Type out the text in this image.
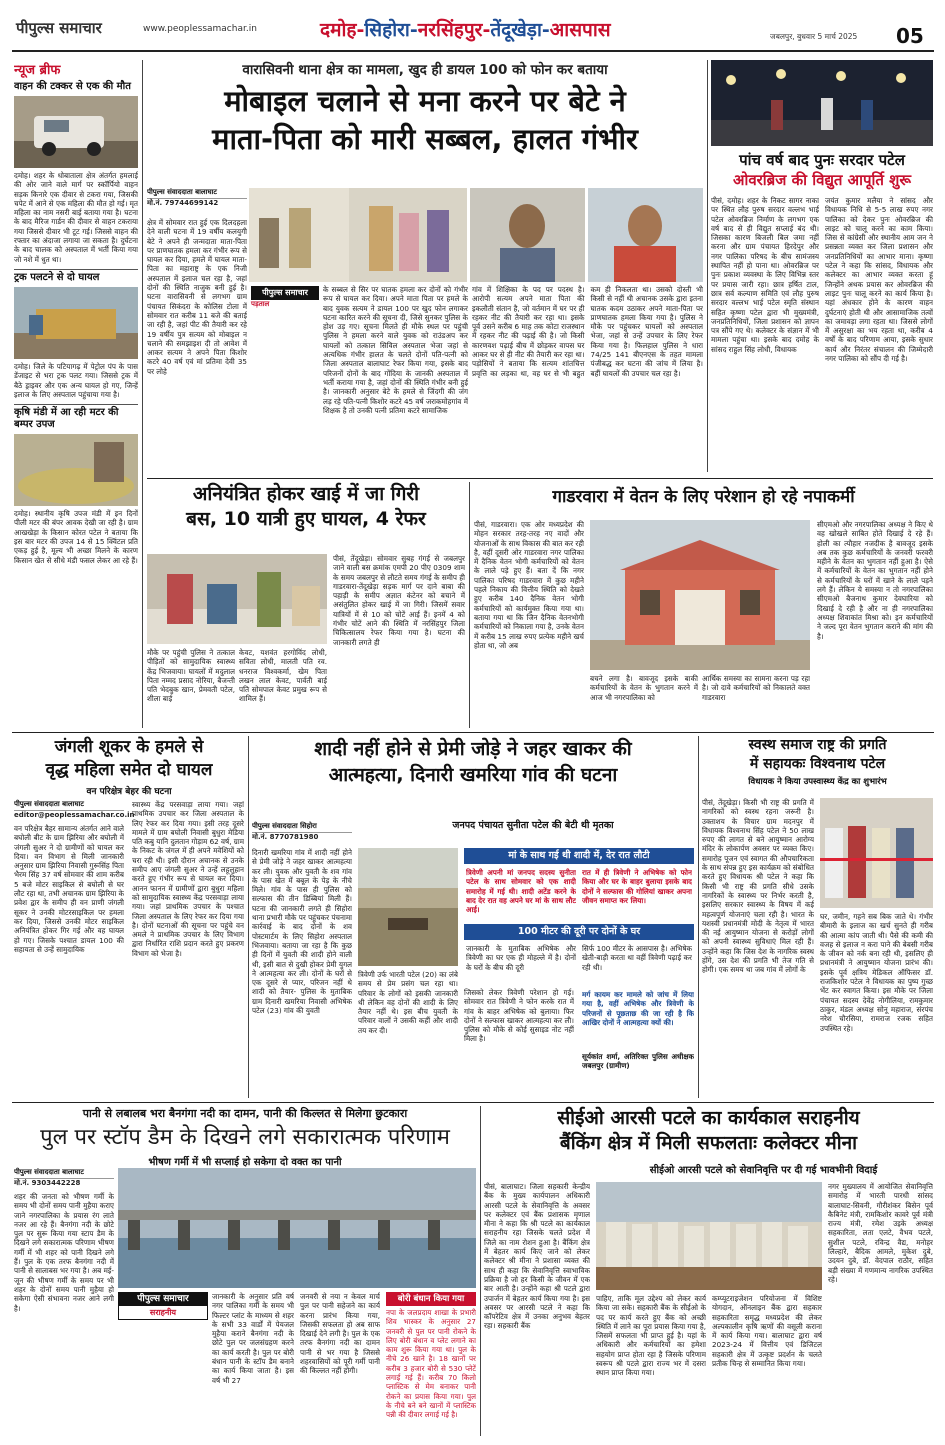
पीपुल्स समाचार	www.peoplessamachar.in	दमोह-सिहोरा-नरसिंहपुर-तेंदूखेड़ा-आसपास	जबलपुर, बुधवार 5 मार्च 2025 05
न्यूज ब्रीफ
वाहन की टक्कर से एक की मौत
दमोह। शहर के धोबाताला क्षेत्र अंतर्गत हमलाई की ओर जाने वाले मार्ग पर स्कॉर्पियो वाहन सड़क किनारे एक दीवार से टकरा गया, जिसकी चपेट में आने से एक महिला की मौत हो गई। मृत महिला का नाम नसरी बाई बताया गया है। घटना के बाद मैरिज गार्डन की दीवार से वाहन टकराया गया जिससे दीवार भी टूट गई। जिससे वाहन की रफ्तार का अंदाजा लगाया जा सकता है। दुर्घटना के बाद चालक को अस्पताल में भर्ती किया गया जो नशे में धुत था।
ट्रक पलटने से दो घायल
दमोह। जिले के पटियागढ़ में पेट्रोल पंप के पास डेंजाइट से भरा ट्रक पलट गया। जिससे ट्रक में बैठे ड्राइवर और एक अन्य घायल हो गए, जिन्हें इलाज के लिए अस्पताल पहुंचाया गया है।
कृषि मंडी में आ रही मटर की बम्पर उपज
दमोह। स्थानीय कृषि उपज मंडी में इन दिनों पीली मटर की बंपर आवक देखी जा रही है। ग्राम आखखेड़ा के किसान कोरत पटेल ने बताया कि इस बार मटर की उपज 14 से 15 क्विंटल प्रति एकड़ हुई है, मूल्य भी अच्छा मिलने के कारण किसान खेत से सीधे मंडी फसल लेकर आ रहे हैं।
वारासिवनी थाना क्षेत्र का मामला, खुद ही डायल 100 को फोन कर बताया
मोबाइल चलाने से मना करने पर बेटे ने
माता-पिता को मारी सब्बल, हालत गंभीर
पीपुल्स संवाददाता बालाघाट
मो.नं. 79744699142
क्षेत्र में सोमवार रात हुई एक दिलदहला देने वाली घटना में 19 वर्षीय कलयुगी बेटे ने अपने ही जन्मदाता माता-पिता पर प्राणघातक हमला कर गंभीर रूप से घायल कर दिया, हमले में घायल माता-पिता का महाराष्ट्र के एक निजी अस्पताल में इलाज चल रहा है, जहां दोनों की स्थिति नाजुक बनी हुई है। घटना वारासिवनी से लगभग ग्राम पंचायत सिकंदरा के कोलिस टोला में सोमवार रात करीब 11 बजे की बताई जा रही है, जहां पीट की तैयारी कर रहे 19 वर्षीय पुत्र सत्यम को मोबाइल न चलाने की समझाइश दी तो आवेश में आकर सत्यम ने अपने पिता किशोर कटरे 40 वर्ष एवं मां प्रतिमा देवी 35 पर लोहे
पीपुल्स समाचार
पड़ताल
के सब्बल से सिर पर घातक हमला कर दोनों को गंभीर रूप से घायल कर दिया। अपने माता पिता पर हमले के बाद युवक सत्यम ने डायल 100 पर खुद फोन लगाकर घटना कारित करने की सूचना दी, जिसे सुनकर पुलिस के होश उड़ गए। सूचना मिलते ही मौके स्थल पर पहुंची पुलिस ने हमला करने वाले युवक को राउंडअप कर घायलों को तत्काल सिविल अस्पताल भेजा जहां से अत्यधिक गंभीर हालत के चलते दोनों पति-पत्नी को जिला अस्पताल बालाघाट रेफर किया गया, इसके बाद परिजनों दोनों के बाद गोंदिया के जानकी अस्पताल में भर्ती कराया गया है, जहां दोनों की स्थिति गंभीर बनी हुई है। जानकारी अनुसार बेटे के हमले से जिंदगी की जंग लड़ रहे पति-पत्नी किशोर कटरे 45 वर्ष जराकमोहगांव में शिक्षक है तो उनकी पत्नी प्रतिमा कटरे सामाजिक
गांव में शिक्षिका के पद पर पदस्थ है। आरोपी सत्यम अपने माता पिता की इकलौती संतान है, जो वर्तमान में घर पर ही रहकर नीट की तैयारी कर रहा था। इसके पूर्व उसने करीब 6 माह तक कोटा राजस्थान में रहकर नीट की पढ़ाई की है। जो किसी कारणवश पढ़ाई बीच में छोड़कर वापस घर आकर घर से ही नीट की तैयारी कर रहा था। पड़ोसियों ने बताया कि सत्यम शांतचित्त प्रवृत्ति का लड़का था, वह घर से भी बहुत कम ही निकलता था। उसको दोस्ती भी किसी से नहीं थी अचानक उसके द्वारा इतना घातक कदम उठाकर अपने माता-पिता पर प्राणघातक हमला किया गया है। पुलिस ने मौके पर पहुंचकर घायलों को अस्पताल भेजा, जहां से उन्हें उपचार के लिए रेफर किया गया है। फिलहाल पुलिस ने धारा 74/25 141 बीएनएस के तहत मामला पंजीबद्ध कर घटना की जांच में लिया है। बहीं घायलों की उपचार चल रहा है।
पांच वर्ष बाद पुनः सरदार पटेल
ओवरब्रिज की विद्युत आपूर्ति शुरू
पीसं, दमोह। शहर के निकट सागर नाका पर स्थित लौह पुरुष सरदार वल्लभ भाई पटेल ओवरब्रिज निर्माण के लगभग एक वर्ष बाद से ही विद्युत सप्लाई बंद थी। जिसका कारण बिजली बिल जमा नहीं करना और ग्राम पंचायत हिरदेपुर और नगर पालिका परिषद के बीच सामंजस्य स्थापित नहीं हो पाना था। ओवरब्रिज पर पुनः प्रकाश व्यवस्था के लिए विभिन्न स्तर पर प्रयास जारी रहा। छात्र हर्षित टाल, छात्र सर्व कल्याण समिति एवं लौह पुरुष सरदार वल्लभ भाई पटेल स्मृति संस्थान सहित कृष्णा पटेल द्वारा भी मुख्यमंत्री, जनप्रतिनिधियों, जिला प्रशासन को ज्ञापन पत्र सौंपे गए थे। कलेक्टर के संज्ञान में भी मामला पहुंचा था। इसके बाद दमोह के सांसद राहुल सिंह लोधी, विधायक
जयंत कुमार मलैया ने सांसद और विधायक निधि से 5-5 लाख रुपए नगर पालिका को देकर पुनः ओवरब्रिज की लाइट को चालू करने का काम किया। जिस से कांग्रेसी और स्थानीय आम जन ने प्रसन्नता व्यक्त कर जिला प्रशासन और जनप्रतिनिधियों का आभार माना। कृष्णा पटेल ने कहा कि सांसद, विधायक और कलेक्टर का आभार व्यक्त करता हूं जिन्होंने अथक प्रयास कर ओवरब्रिज की लाइट पुनः चालू करने का कार्य किया है। यहां अंधकार होने के कारण वाहन दुर्घटनाएं होती थी और आसामाजिक तत्वों का जमावड़ा लगा रहता था। जिससे लोगों में असुरक्षा का भय रहता था, करीब 4 वर्षों के बाद परिणाम आया, इसके सुधार कार्य और निरंतर संचालन की जिम्मेदारी नगर पालिका को सौंप दी गई है।
अनियंत्रित होकर खाई में जा गिरी
बस, 10 यात्री हुए घायल, 4 रेफर
पीसं, तेंदूखेड़ा। सोमवार सुबह गंगई से जबलपुर जाने वाली बस क्रमांक एमपी 20 पीए 0309 शाम के समय जबलपुर से लौटते समय गंगई के समीप ही गाडरवारा-तेंदूखेड़ा सड़क मार्ग पर दाने बाबा की पहाड़ी के समीप अज्ञात कंटेनर को बचाने में असंतुलित होकर खाई में जा गिरी। जिसमें सवार यात्रियों में से 10 को चोटें आई हैं। इनमें 4 को गंभीर चोटें आने की स्थिति में नरसिंहपुर जिला चिकित्सालय रेफर किया गया है। घटना की जानकारी लगते ही
मौके पर पहुंची पुलिस ने तत्काल पीड़ितों को सामुदायिक स्वास्थ्य केंद्र भिजवाया। घायलों में मदुलाल पिता नम्मद प्रसाद नोरिया, बैजन्ती पति भेदबुक खान, प्रेमवती पटेल, शीला बाई
केवट, यशवंत हरगोविंद लोधी, सविता लोधी, मालती पति रव. धनराज विश्वकर्मा, खेम पिता लखन लाल केवट, पार्वती बाई पति सोमपाल केवट प्रमुख रूप से शामिल हैं।
गाडरवारा में वेतन के लिए परेशान हो रहे नपाकर्मी
पीसं, गाडरवारा। एक ओर मध्यप्रदेश की मोहन सरकार तरह-तरह नए वादों और योजनाओं के साथ विकास की बात कर रही है, वहीं दूसरी ओर गाडरवारा नगर पालिका में दैनिक वेतन भोगी कर्मचारियों को वेतन के लाले पड़े हुए हैं। बता दें कि नगर पालिका परिषद गाडरवारा में कुछ महीने पहले निकाय की वित्तीय स्थिति को देखते हुए करीब 140 दैनिक वेतन भोगी कर्मचारियों को कार्यमुक्त किया गया था। बताया गया था कि जिन दैनिक वेतनभोगी कर्मचारियों को निकाला गया है, उनके वेतन में करीब 15 लाख रुपए प्रत्येक महीने खर्च होता था, जो अब
बचने लगा है। बावजूद इसके बाकी कर्मचारियों के वेतन के भुगतान करने में आज भी नगरपालिका को
आर्थिक समस्या का सामना करना पड़ रहा है। जो दावे कर्मचारियों को निकालते वक्त गाडरवारा
सीएमओ और नगरपालिका अध्यक्ष ने किए थे वह खोखले साबित होते दिखाई दे रहे हैं। होली का त्यौहार नजदीक है बावजूद इसके अब तक कुछ कर्मचारियों के जनवरी फरवरी महीने के वेतन का भुगतान नहीं हुआ है। ऐसे में कर्मचारियों के वेतन का भुगतान नहीं होने से कर्मचारियों के घरों में खाने के लाले पड़ने लगे हैं। लेकिन ये समस्या न तो नगरपालिका सीएमओ बैजनाथ कुमार देवघारिया को दिखाई दे रही है और ना ही नगरपालिका अध्यक्ष शिवाकांत मिश्रा को। इन कर्मचारियों ने जल्द पूरा वेतन भुगतान कराने की मांग की है।
जंगली शूकर के हमले से
वृद्ध महिला समेत दो घायल
वन परिक्षेत्र बेहर की घटना
पीपुल्स संवाददाता बालाघाट
editor@peoplessamachar.co.in
वन परिक्षेत्र बैहर सामान्य अंतर्गत आने वाले बघोली बीट के ग्राम झिरिया और बघोली में जंगली सुअर ने दो ग्रामीणों को घायल कर दिया। वन विभाग से मिली जानकारी अनुसार ग्राम झिरिया निवासी गुरूसिंह पिता भैरम सिंह 37 वर्ष सोमवार की शाम करीब 5 बजे मोटर साइकिल से बघोली से घर लौट रहा था, तभी अचानक ग्राम झिरिया के प्रवेश द्वार के समीप ही वन प्राणी जंगली सूकर ने उनकी मोटरसाइकिल पर हमला कर दिया, जिससे उनकी मोटर साइकिल अनियंत्रित होकर गिर गई और वह घायल हो गए। जिसके पश्चात डायल 100 की सहायता से उन्हें सामुदायिक
स्वास्थ्य केंद्र परसवाड़ा लाया गया। जहां प्राथमिक उपचार कर जिला अस्पताल के लिए रेफर कर दिया गया। इसी तरह दूसरे मामले में ग्राम बघोली निवासी बुधुरा मेडिया पति कबु यानि दुलतान गोड़ाम 62 वर्ष, ग्राम के निकट के जंगल में ही अपने मवेशियों को चरा रही थी। इसी दौरान अचानक से उनके समीप आए जंगली सुअर ने उन्हें लहूलुहान करते हुए गंभीर रूप से घायल कर दिया। आनन फानन में ग्रामीणों द्वारा बुधुरा महिला को सामुदायिक स्वास्थ्य केंद्र परसवाड़ा लाया गया। जहां प्राथमिक उपचार के पश्चात जिला अस्पताल के लिए रेफर कर दिया गया है। दोनों घटनाओं की सूचना पर पहुंचे वन अमले ने प्राथमिक उपचार के लिए विभाग द्वारा निर्धारित राशि प्रदान करते हुए प्रकरण विभाग को भेजा है।
शादी नहीं होने से प्रेमी जोड़े ने जहर खाकर की
आत्महत्या, दिनारी खमरिया गांव की घटना
पीपुल्स संवाददाता सिहोरा
मो.नं. 8770781980
जनपद पंचायत सुनीता पटेल की बेटी थी मृतका
दिनारी खमरिया गांव में शादी नहीं होने से प्रेमी जोड़े ने जहर खाकर आत्महत्या कर ली। युवक और युवती के शव गांव के पास खेत में बबूल के पेड़ के नीचे मिले। गांव के पास ही पुलिस को सल्फास की तीन डिब्बियां मिली हैं। घटना की जानकारी लगते ही सिहोरा थाना प्रभारी मौके पर पहुंचकर पंचनामा कार्रवाई के बाद दोनों के शव पोस्टमार्टम के लिए सिहोरा अस्पताल भिजवाया। बताया जा रहा है कि कुछ ही दिनों में युवती की शादी होने वाली थी, इसी बात से दुखी होकर प्रेमी युगल ने आत्महत्या कर ली। दोनों के घरों से एक दूसरे से प्यार, परिजन नहीं थे शादी को तैयार- पुलिस के मुताबिक ग्राम दिनारी खमरिया निवासी अभिषेक पटेल (23) गांव की युवती
त्रिवेणी उर्फ भारती पटेल (20) का लंबे समय से प्रेम प्रसंग चल रहा था। परिवार के लोगों को इसकी जानकारी थी लेकिन वह दोनों की शादी के लिए तैयार नहीं थे। इस बीच युवती के परिवार वालों ने उसकी कहीं और शादी तय कर दी।
मां के साथ गई थी शादी में, देर रात लौटी
त्रिवेणी अपनी मां जनपद सदस्य सुनीता पटेल के साथ सोमवार को एक शादी समारोह में गई थी। शादी अटेंड करने के बाद देर रात वह अपने घर मां के साथ लौट आई।
रात में ही त्रिवेणी ने अभिषेक को फोन किया और घर के बाहर बुलाया इसके बाद दोनों ने सल्फास की गोलियां खाकर अपना जीवन समाप्त कर लिया।
100 मीटर की दूरी पर दोनों के घर
जानकारी के मुताबिक अभिषेक और त्रिवेणी का घर एक ही मोहल्ले में है। दोनों के घरों के बीच की दूरी
सिर्फ 100 मीटर के आसपास है। अभिषेक खेती-बाड़ी करता था वहीं त्रिवेणी पढ़ाई कर रही थी।
जिसको लेकर त्रिवेणी परेशान हो गई। सोमवार रात त्रिवेणी ने फोन करके रात में गांव के बाहर अभिषेक को बुलाया। फिर दोनों ने सल्फास खाकर आत्महत्या कर ली। पुलिस को मौके से कोई सुसाइड नोट नहीं मिला है।
मर्ग कायम कर मामले को जांच में लिया गया है, वहीं अभिषेक और त्रिवेणी के परिजनों से पूछताछ की जा रही है कि आखिर दोनों ने आत्महत्या क्यों की।
सूर्यकांत शर्मा, अतिरिक्त पुलिस अधीक्षक जबलपुर (ग्रामीण)
स्वस्थ समाज राष्ट्र की प्रगति
में सहायकः विश्वनाथ पटेल
विधायक ने किया उपस्वास्थ्य केंद्र का शुभारंभ
पीसं, तेंदूखेड़ा। किसी भी राष्ट्र की प्रगति में नागरिकों को स्वस्थ रहना जरूरी है। उक्ताशय के विचार ग्राम मदनपुर में विधायक विश्वनाथ सिंह पटेल ने 50 लाख रुपए की लागत से बने आयुष्मान आरोग्य मंदिर के लोकार्पण अवसर पर व्यक्त किए। समारोह पूजन एवं स्वागत की औपचारिकता के साथ संपन्न हुए इस कार्यक्रम को संबोधित करते हुए विधायक श्री पटेल ने कहा कि किसी भी राष्ट्र की प्रगति सीधे उसके नागरिकों के स्वास्थ्य पर निर्भर करती है, इसलिए सरकार स्वास्थ्य के विषय में कई महत्वपूर्ण योजनाएं चला रही है। भारत के यशस्वी प्रधानमंत्री मोदी के नेतृत्व में भारत की नई आयुष्मान योजना से करोड़ों लोगों को अपनी स्वास्थ्य सुविधाएं मिल रही हैं। उन्होंने कहा कि जिस देश के नागरिक स्वस्थ होंगे, उस देश की प्रगति भी तेज गति से होगी। एक समय था जब गांव में लोगों के
घर, जमीन, गहने सब बिक जाते थे। गंभीर बीमारी के इलाज का खर्च सुनते ही गरीब की आत्मा कांप जाती थी। पैसे की कमी की वजह से इलाज न करा पाने की बेबसी गरीब के जीवन को नर्क बना रही थी, इसलिए ही प्रधानमंत्री ने आयुष्मान योजना प्रारंभ की। इसके पूर्व क्षत्रिय मेडिकल ऑफिसर डॉ. राजकिशोर पटेल ने विधायक का पुष्प गुच्छ भेंट कर स्वागत किया। इस मौके पर जिला पंचायत सदस्य देवेंद्र नोगीलिया, रामकुमार ठाकुर, मंडल अध्यक्ष सोनू महाराज, संरपंच नरेश चौरसिया, रामराज रजक सहित उपस्थित रहे।
पानी से लबालब भरा बैनगंगा नदी का दामन, पानी की किल्लत से मिलेगा छुटकारा
पुल पर स्टॉप डैम के दिखने लगे सकारात्मक परिणाम
भीषण गर्मी में भी सप्लाई हो सकेगा दो वक्त का पानी
पीपुल्स संवाददाता बालाघाट
मो.नं. 9303442228
शहर की जनता को भीषण गर्मी के समय भी दोनों समय पानी मुहैया कराए जाने नगरपालिका के प्रयास रंग लाते नजर आ रहे हैं। बैनगंगा नदी के छोटे पुल पर सुरू किया गया स्टाप डैम के दिखने लगे सकारात्मक परिणाम भीषण गर्मी में भी शहर को पानी दिखने लगे हैं। पुल के एक तरफ बैनगंगा नदी में पानी से सालाबस भर गया है। अब मई-जून की भीषण गर्मी के समय पर भी शहर के दोनों समय पानी मुहैया हो सकेगा ऐसी संभावना नजर आने लगी है।
पीपुल्स समाचार
सराहनीय
जानकारी के अनुसार प्रति वर्ष नगर पालिका गर्मी के समय भी फिल्टर प्लांट के माध्यम से शहर के सभी 33 वार्डों में पेयजल मुहैया कराने बैनगंगा नदी के छोटे पुल पर जलसंग्रहण करने का कार्य करती है। पुल पर बोरी बंधान पानी के स्टॉप डैम बनाने का कार्य किया जाता है। इस वर्ष भी 27
जनवरी से नया न केवल मार्च पुल पर पानी सहेजने का कार्य करना प्रारंभ किया गया, जिसकी सफलता हो अब साफ दिखाई देने लगी है। पुल के एक तरफ बैनगंगा नदी का दामन पानी से भर गया है जिससे शहरवासियों को पूरी गर्मी पानी की किल्लत नहीं होगी।
बोरी बंधान किया गया
नपा के जलप्रदाय शाखा के प्रभारी शिव भास्कर के अनुसार 27 जनवरी से पुल पर पानी रोकने के लिए बोरी बंधान व प्लेट लगाने का काम शुरू किया गया था। पुल के नीचे 26 खाने है। 18 खानों पर करीब 3 हजार बोरी से 530 प्लेटें लगाई गई हैं। करीब 70 किलो प्लास्टिक से मेम बनाकर पानी रोकने का प्रयास किया गया। पुल के नीचे बने बने खानों में प्लास्टिक पन्नी की दीवार लगाई गई है।
सीईओ आरसी पटले का कार्यकाल सराहनीय
बैंकिंग क्षेत्र में मिली सफलताः कलेक्टर मीना
सीईओ आरसी पटले को सेवानिवृत्ति पर दी गई भावभीनी विदाई
पीसं, बालाघाट। जिला सहकारी केन्द्रीय बैंक के मुख्य कार्यपालन अधिकारी आरसी पटले के सेवानिवृत्ति के अवसर पर कलेक्टर एवं बैंक प्रशासक मृणाल मीना ने कहा कि श्री पटले का कार्यकाल सराहनीय रहा जिसके चलते प्रदेश में जिले का नाम रोशन हुआ है। बैंकिंग क्षेत्र में बेहतर कार्य किए जाने को लेकर कलेक्टर श्री मीना ने प्रशासा व्यक्त की साथ ही कहा कि सेवानिवृत्ति स्वाभाविक प्रक्रिया है जो हर किसी के जीवन में एक बार आती है। उन्होंने कहा श्री पटले द्वारा उपार्जन में बेहतर कार्य किया गया है। इस अवसर पर आरसी पटले ने कहा कि कॉपरेटिव क्षेत्र में उनका अनुभव बेहतर रहा। सहकारी बैंक
पाहिए, ताकि मूल उद्देश्य को लेकर कार्य किया जा सके। सहकारी बैंक के सीईओ के पद पर कार्य करते हुए बैंक को अच्छी स्थिति में लाने का पूरा प्रयास किया गया है, जिसमें सफलता भी प्राप्त हुई है। यहां के अधिकारी और कर्मचारियों का हमेशा सहयोग प्राप्त होता रहा है जिसके परिणाम स्वरूप श्री पटले द्वारा राज्य भर में दसरा स्थान प्राप्त किया गया।
कम्प्यूटराइजेशन परियोजना में विशिष्ट योगदान, ऑनलाइन बैंक द्वारा सहकार सहकारिता समृद्ध मध्यप्रदेश की लेकर अल्पकालीन कृषि ऋणों की वसूली कराना में कार्य किया गया। बालाघाट द्वारा वर्ष 2023-24 में वित्तीय एवं डिजिटल सहकारी क्षेत्र में उत्कृष्ट प्रदर्शन के चलते प्रतीक चिन्ह से सम्मानित किया गया।
नगर मुख्यालय में आयोजित सेवानिवृत्ति समारोह में भारती पारधी सांसद बालाघाट-सिवनी, गौरीशंकर बिसेन पूर्व कैबिनेट मंत्री, रामकिशोर कावरे पूर्व मंत्री राज्य मंत्री, रमेश उइके अध्यक्ष सहकारिता, लता एलटे, वैभव पटले, सुशील पटले, रविन्द्र वैद्य, मनोहर लिल्हारे, बैदिक आमले, मुकेश दुबे, उदयन दुबे, डॉ. वेदपाल राठौर, सहित बड़ी संख्या में गणमान्य नागरिक उपस्थित रहे।
